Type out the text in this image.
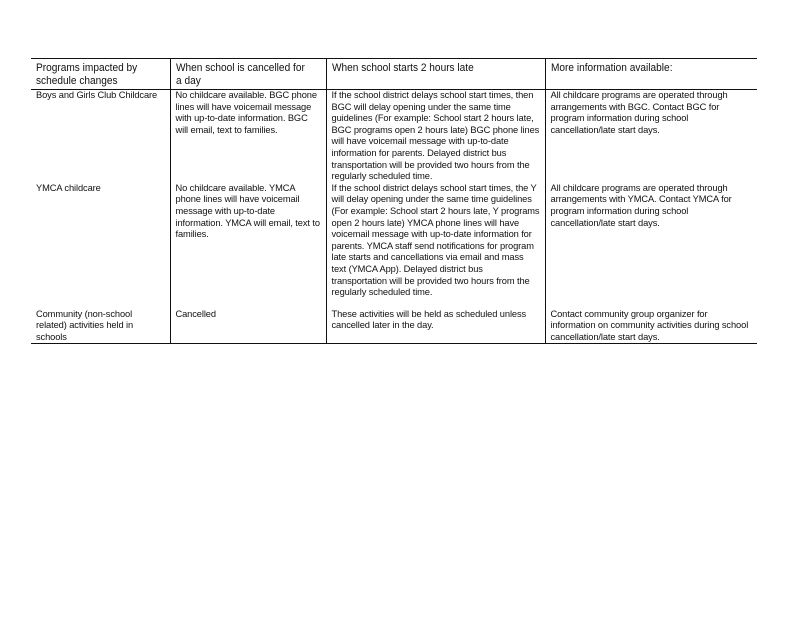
Programs impacted by schedule changes	When school is cancelled for a day	When school starts 2 hours late	More information available:

Boys and Girls Club Childcare	No childcare available. BGC phone lines will have voicemail message with up-to-date information. BGC will email, text to families.	If the school district delays school start times, then BGC will delay opening under the same time guidelines (For example: School start 2 hours late, BGC programs open 2 hours late) BGC phone lines will have voicemail message with up-to-date information for parents. Delayed district bus transportation will be provided two hours from the regularly scheduled time.	All childcare programs are operated through arrangements with BGC. Contact BGC for program information during school cancellation/late start days.

YMCA childcare	No childcare available. YMCA phone lines will have voicemail message with up-to-date information. YMCA will email, text to families.	If the school district delays school start times, the Y will delay opening under the same time guidelines (For example: School start 2 hours late, Y programs open 2 hours late) YMCA phone lines will have voicemail message with up-to-date information for parents. YMCA staff send notifications for program late starts and cancellations via email and mass text (YMCA App). Delayed district bus transportation will be provided two hours from the regularly scheduled time.	All childcare programs are operated through arrangements with YMCA. Contact YMCA for program information during school cancellation/late start days.

Community (non-school related) activities held in schools	Cancelled	These activities will be held as scheduled unless cancelled later in the day.	Contact community group organizer for information on community activities during school cancellation/late start days.
